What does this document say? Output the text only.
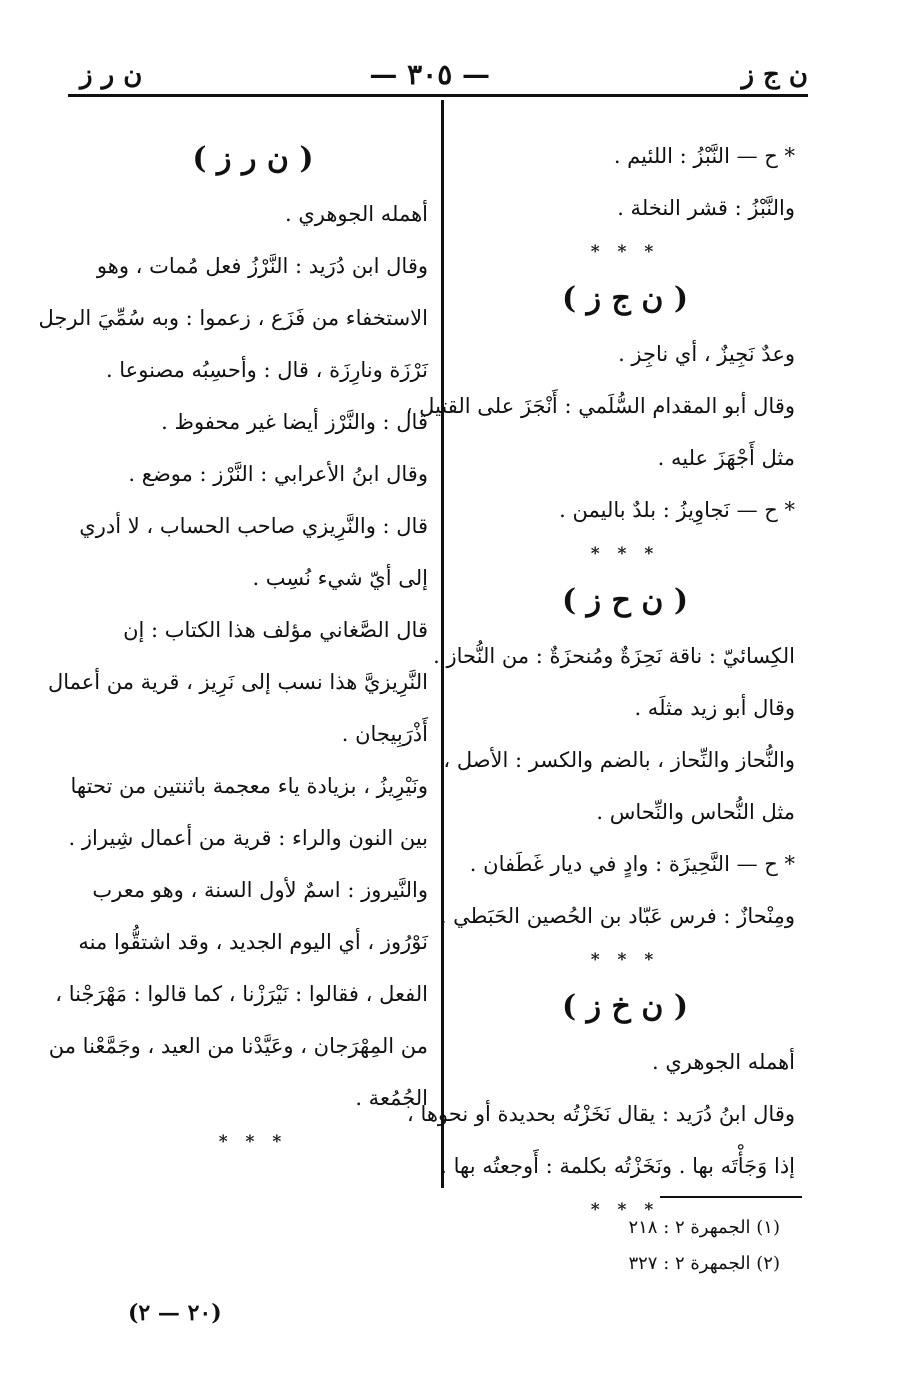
ن ج ز
— ٣٠٥ —
ن ر ز
* ح — النَّبْزُ : اللئيم .
والنَّبْزُ : قشر النخلة .
* * *
( ن ج ز )
وعدٌ نَجِيزٌ ، أي ناجِز .
وقال أبو المقدام السُّلَمي : أَنْجَزَ على القتيل ،
مثل أَجْهَزَ عليه .
* ح — نَجاوِيزُ : بلدٌ باليمن .
* * *
( ن ح ز )
الكِسائيّ : ناقة نَحِزَةٌ ومُنحزَةٌ : من النُّحاز .
وقال أبو زيد مثلَه .
والنُّحاز والنِّحاز ، بالضم والكسر : الأصل ،
مثل النُّحاس والنِّحاس .
* ح — النَّحِيزَة : وادٍ في ديار غَطَفان .
ومِنْحازٌ : فرس عَبّاد بن الحُصين الحَبَطي .
* * *
( ن خ ز )
أهمله الجوهري .
وقال ابنُ دُرَيد : يقال نَخَزْتُه بحديدة أو نحوها ،
إذا وَجَأْتَه بها . ونَخَزْتُه بكلمة : أَوجعتُه بها .
* * *
( ن ر ز )
أهمله الجوهري .
وقال ابن دُرَيد : النَّرْزُ فعل مُمات ، وهو
الاستخفاء من فَزَع ، زعموا : وبه سُمِّيَ الرجل
نَرْزَة ونارِزَة ، قال : وأحسِبُه مصنوعا .
قال : والنَّرْز أيضا غير محفوظ .
وقال ابنُ الأعرابي : النَّرْز : موضع .
قال : والنَّرِيزي صاحب الحساب ، لا أدري
إلى أيّ شيء نُسِب .
قال الصَّغاني مؤلف هذا الكتاب : إن
النَّرِيزيَّ هذا نسب إلى نَرِيز ، قرية من أعمال
أَذْرَبِيجان .
ونَيْرِيزُ ، بزيادة ياء معجمة باثنتين من تحتها
بين النون والراء : قرية من أعمال شِيراز .
والنَّيروز : اسمٌ لأول السنة ، وهو معرب
نَوْرُوز ، أي اليوم الجديد ، وقد اشتقُّوا منه
الفعل ، فقالوا : نَيْرَزْنا ، كما قالوا : مَهْرَجْنا ،
من المِهْرَجان ، وعَيَّدْنا من العيد ، وجَمَّعْنا من
الجُمُعة .
* * *
(١) الجمهرة ٢ : ٢١٨
(٢) الجمهرة ٢ : ٣٢٧
(٢٠ — ٢)
